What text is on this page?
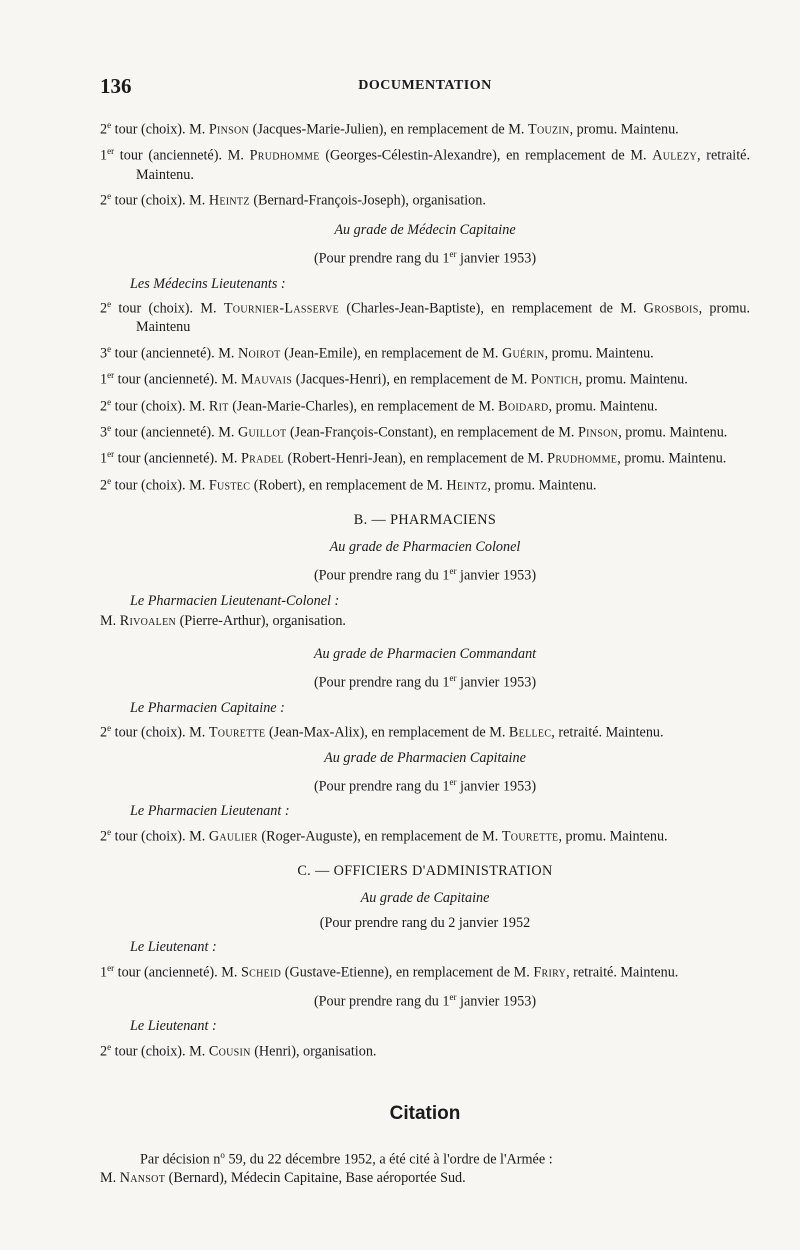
136	DOCUMENTATION

2e tour (choix). M. Pinson (Jacques-Marie-Julien), en remplacement de M. Touzin, promu. Maintenu.

1er tour (ancienneté). M. Prudhomme (Georges-Célestin-Alexandre), en remplacement de M. Aulezy, retraité. Maintenu.

2e tour (choix). M. Heintz (Bernard-François-Joseph), organisation.

Au grade de Médecin Capitaine

(Pour prendre rang du 1er janvier 1953)

Les Médecins Lieutenants :

2e tour (choix). M. Tournier-Lasserve (Charles-Jean-Baptiste), en remplacement de M. Grosbois, promu. Maintenu

3e tour (ancienneté). M. Noirot (Jean-Emile), en remplacement de M. Guérin, promu. Maintenu.

1er tour (ancienneté). M. Mauvais (Jacques-Henri), en remplacement de M. Pontich, promu. Maintenu.

2e tour (choix). M. Rit (Jean-Marie-Charles), en remplacement de M. Boidard, promu. Maintenu.

3e tour (ancienneté). M. Guillot (Jean-François-Constant), en remplacement de M. Pinson, promu. Maintenu.

1er tour (ancienneté). M. Pradel (Robert-Henri-Jean), en remplacement de M. Prudhomme, promu. Maintenu.

2e tour (choix). M. Fustec (Robert), en remplacement de M. Heintz, promu. Maintenu.

B. — PHARMACIENS

Au grade de Pharmacien Colonel

(Pour prendre rang du 1er janvier 1953)

Le Pharmacien Lieutenant-Colonel :

M. Rivoalen (Pierre-Arthur), organisation.

Au grade de Pharmacien Commandant

(Pour prendre rang du 1er janvier 1953)

Le Pharmacien Capitaine :

2e tour (choix). M. Tourette (Jean-Max-Alix), en remplacement de M. Bellec, retraité. Maintenu.

Au grade de Pharmacien Capitaine

(Pour prendre rang du 1er janvier 1953)

Le Pharmacien Lieutenant :

2e tour (choix). M. Gaulier (Roger-Auguste), en remplacement de M. Tourette, promu. Maintenu.

C. — OFFICIERS D'ADMINISTRATION

Au grade de Capitaine

(Pour prendre rang du 2 janvier 1952

Le Lieutenant :

1er tour (ancienneté). M. Scheid (Gustave-Etienne), en remplacement de M. Friry, retraité. Maintenu.

(Pour prendre rang du 1er janvier 1953)

Le Lieutenant :

2e tour (choix). M. Cousin (Henri), organisation.

Citation

Par décision $n^o$ 59, du 22 décembre 1952, a été cité à l'ordre de l'Armée :

M. Nansot (Bernard), Médecin Capitaine, Base aéroportée Sud.
